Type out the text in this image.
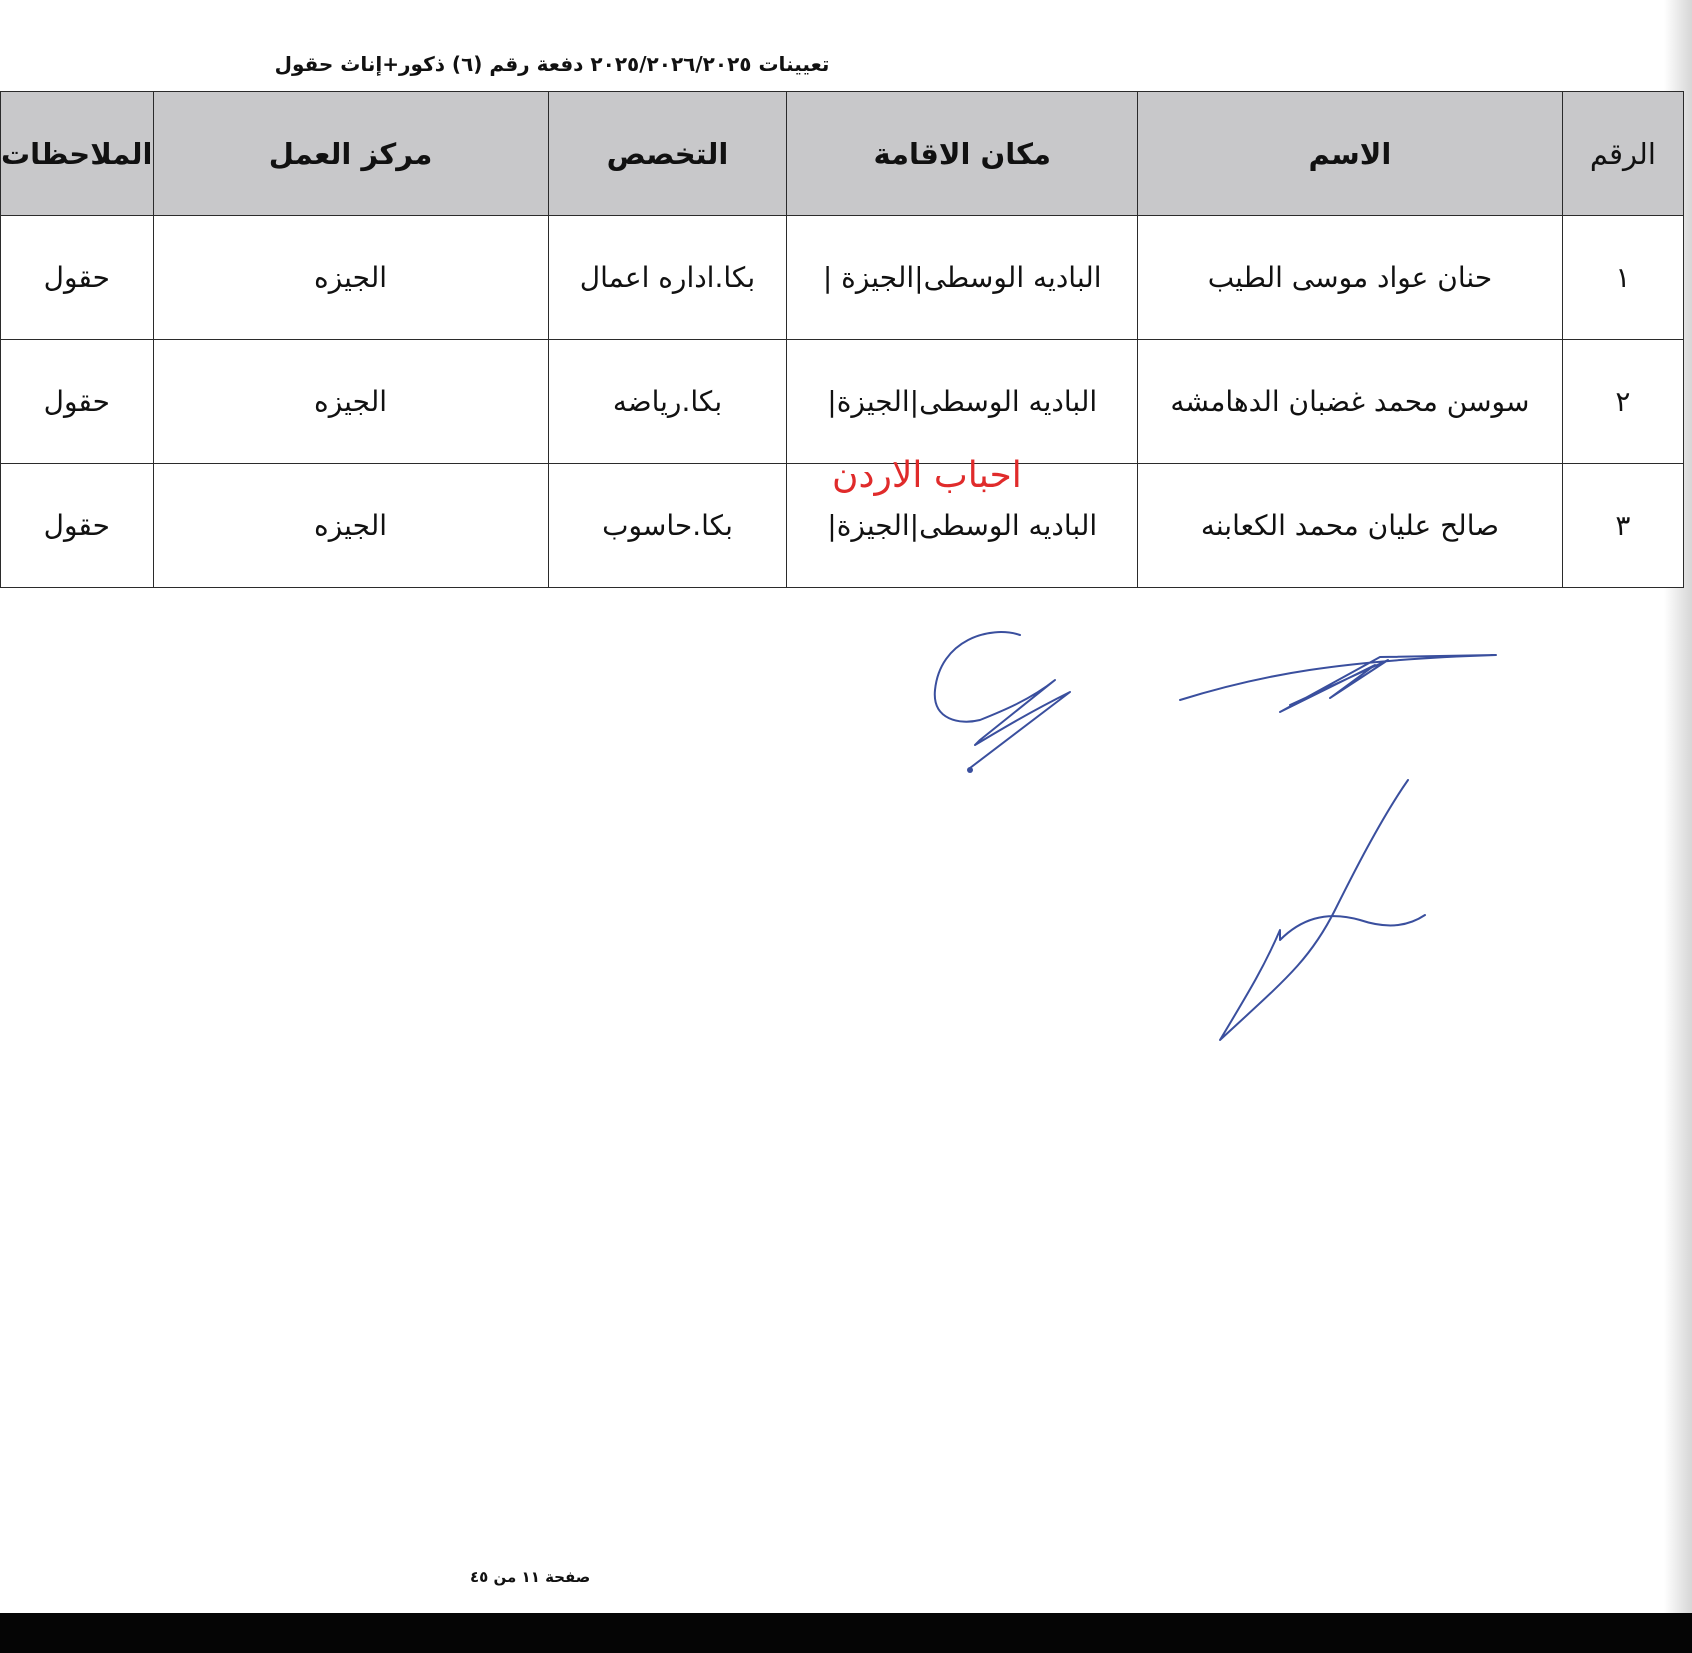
تعيينات ٢٠٢٥/٢٠٢٦/٢٠٢٥ دفعة رقم (٦) ذكور+إناث حقول
الرقم	الاسم	مكان الاقامة	التخصص	مركز العمل	الملاحظات
١	حنان عواد موسى الطيب	الباديه الوسطى|الجيزة |	بكا.اداره اعمال	الجيزه	حقول
٢	سوسن محمد غضبان الدهامشه	الباديه الوسطى|الجيزة|	بكا.رياضه	الجيزه	حقول
٣	صالح عليان محمد الكعابنه	الباديه الوسطى|الجيزة|	بكا.حاسوب	الجيزه	حقول
احباب الاردن
صفحة ١١ من ٤٥
